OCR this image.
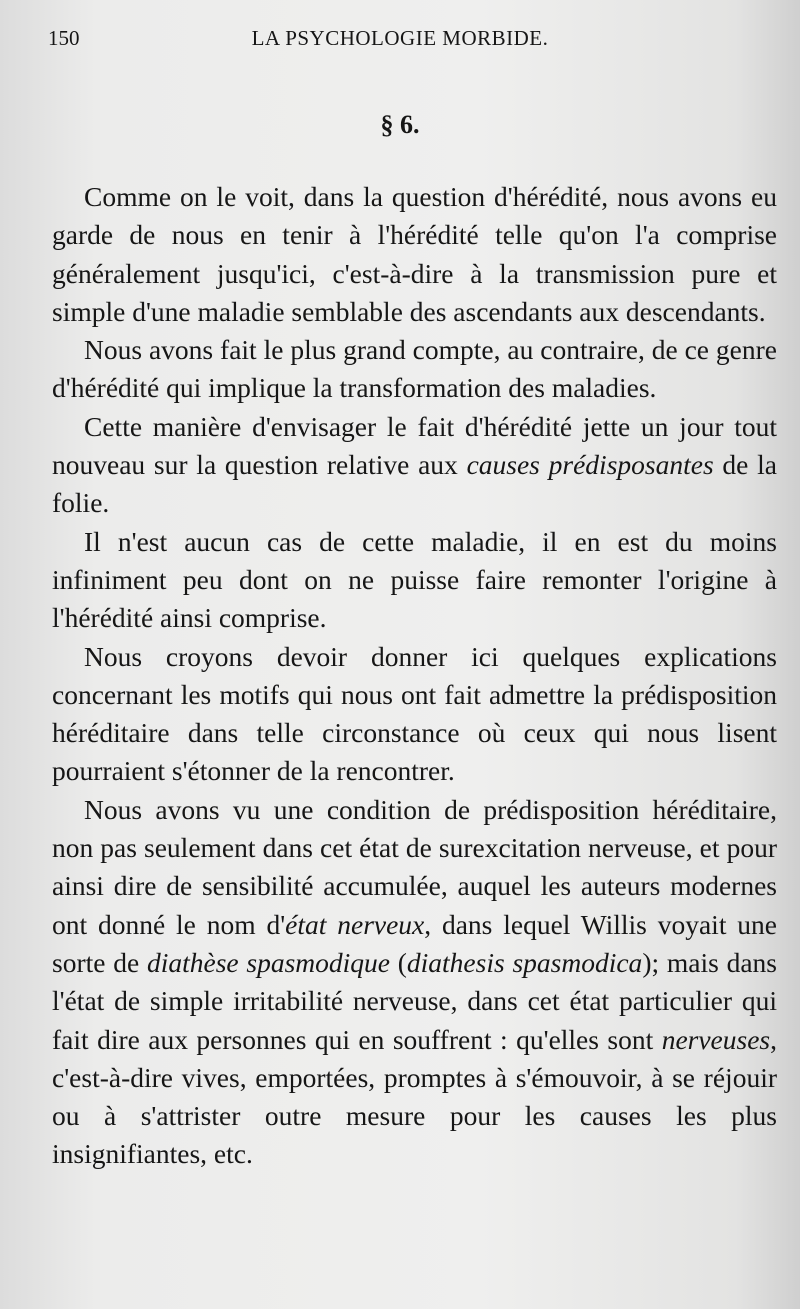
150	LA PSYCHOLOGIE MORBIDE.
§ 6.

Comme on le voit, dans la question d'hérédité, nous avons eu garde de nous en tenir à l'hérédité telle qu'on l'a comprise généralement jusqu'ici, c'est-à-dire à la transmission pure et simple d'une maladie semblable des ascendants aux descendants.

Nous avons fait le plus grand compte, au contraire, de ce genre d'hérédité qui implique la transformation des maladies.

Cette manière d'envisager le fait d'hérédité jette un jour tout nouveau sur la question relative aux causes prédisposantes de la folie.

Il n'est aucun cas de cette maladie, il en est du moins infiniment peu dont on ne puisse faire remonter l'origine à l'hérédité ainsi comprise.

Nous croyons devoir donner ici quelques explications concernant les motifs qui nous ont fait admettre la prédisposition héréditaire dans telle circonstance où ceux qui nous lisent pourraient s'étonner de la rencontrer.

Nous avons vu une condition de prédisposition héréditaire, non pas seulement dans cet état de surexcitation nerveuse, et pour ainsi dire de sensibilité accumulée, auquel les auteurs modernes ont donné le nom d'état nerveux, dans lequel Willis voyait une sorte de diathèse spasmodique (diathesis spasmodica); mais dans l'état de simple irritabilité nerveuse, dans cet état particulier qui fait dire aux personnes qui en souffrent : qu'elles sont nerveuses, c'est-à-dire vives, emportées, promptes à s'émouvoir, à se réjouir ou à s'attrister outre mesure pour les causes les plus insignifiantes, etc.
